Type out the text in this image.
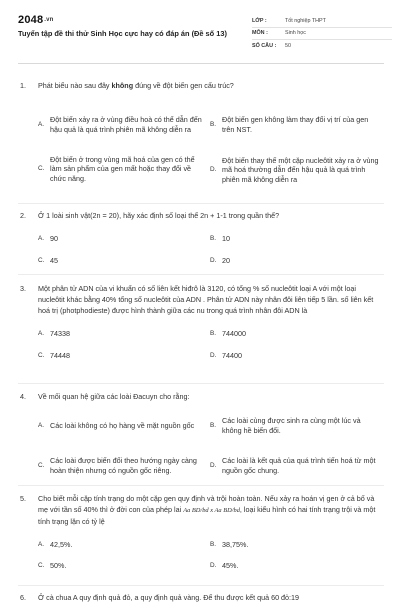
2048.vn
Tuyển tập đề thi thử Sinh Học cực hay có đáp án (Đề số 13)
LỚP :	Tốt nghiệp THPT
MÔN :	Sinh học
SỐ CÂU :	50
1.	Phát biểu nào sau đây không đúng về đột biến gen cấu trúc?
A.
Đột biến xảy ra ở vùng điều hoà có thể dẫn đến hậu quả là quá trình phiên mã không diễn ra
B.
Đột biến gen không làm thay đổi vị trí của gen trên NST.
C.
Đột biến ở trong vùng mã hoá của gen có thể làm sản phẩm của gen mất hoặc thay đổi về chức năng.
D.
Đột biến thay thế một cặp nucleôtit xảy ra ở vùng mã hoá thường dẫn đến hậu quả là quá trình phiên mã không diễn ra
2.	Ở 1 loài sinh vật(2n = 20), hãy xác định số loại thể 2n + 1-1 trong quần thể?
A. 90	B. 10
C. 45	D. 20
3.	Một phân tử ADN của vi khuẩn có số liên kết hiđrô là 3120, có tổng % số nucleôtit loại A với một loại nucleôtit khác bằng 40% tổng số nucleôtit của ADN . Phân tử ADN này nhân đôi liên tiếp 5 lần. số liên kết hoá trị (photphodieste) được hình thành giữa các nu trong quá trình nhân đôi ADN là
A. 74338	B. 744000
C. 74448	D. 74400
4.	Về mối quan hệ giữa các loài Đacuyn cho rằng:
A. Các loài không có họ hàng về mặt nguồn gốc	B.
Các loài cùng được sinh ra cùng một lúc và không hề biến đổi.
C.
Các loài được biến đổi theo hướng ngày càng hoàn thiện nhưng có nguồn gốc riêng.
D.
Các loài là kết quả của quá trình tiến hoá từ một nguồn gốc chung.
5.	Cho biết mỗi cặp tính trạng do một cặp gen quy định và trội hoàn toàn. Nếu xảy ra hoán vị gen ở cả bố và mẹ với tần số 40% thì ở đời con của phép lai Aa BD/bd x Aa BD/bd, loại kiểu hình có hai tính trạng trội và một tính trạng lặn có tỷ lệ
A. 42,5%.	B. 38,75%.
C. 50%.	D. 45%.
6.	Ở cà chua A quy định quả đỏ, a quy định quả vàng. Để thu được kết quả 60 đỏ:19
